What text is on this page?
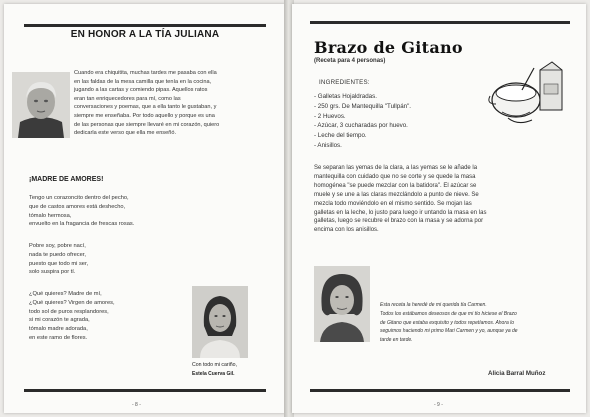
EN HONOR A LA TÍA JULIANA
Cuando era chiquitita, muchas tardes me pasaba con ella
en las faldas de la mesa camilla que tenía en la cocina,
jugando a las cartas y comiendo pipas. Aquellos ratos
eran tan enriquecedores para mí, como las
conversaciones y poemas, que a ella tanto le gustaban, y
siempre me enseñaba. Por todo aquello y porque es una
de las personas que siempre llevaré en mi corazón, quiero
dedicarla este verso que ella me enseñó.
¡MADRE DE AMORES!
Tengo un corazoncito dentro del pecho,
que de castos amores está deshecho,
tómalo hermosa,
envuelto en la fragancia de frescas rosas.
Pobre soy, pobre nací,
nada te puedo ofrecer,
puesto que todo mi ser,
solo suspira por tí.
¿Qué quieres? Madre de mí,
¿Qué quieres? Virgen de amores,
todo sol de puros resplandores,
si mi corazón te agrada,
tómalo madre adorada,
en este ramo de flores.
Con todo mi cariño,
Estela Cuerva Gil.
- 8 -
Brazo de Gitano
(Receta para 4 personas)
INGREDIENTES:
- Galletas Hojaldradas.
- 250 grs. De Mantequilla "Tullpán".
- 2 Huevos.
- Azúcar, 3 cucharadas por huevo.
- Leche del tiempo.
- Anisillos.
Se separan las yemas de la clara, a las yemas se le añade la
mantequilla con cuidado que no se corte y se quede la masa
homogénea "se puede mezclar con la batidora". El azúcar se
muele y se une a las claras mezclándolo a punto de nieve. Se
mezcla todo moviéndolo en el mismo sentido. Se mojan las
galletas en la leche, lo justo para luego ir untando la masa en las
galletas, luego se recubre el brazo con la masa y se adorna por
encima con los anisillos.
Esta receta la heredé de mi querida tía Carmen.
Todos los estábamos deseosos de que mi tío hiciese el Brazo
de Gitano que estaba exquisito y todos repetíamos. Ahora lo
seguimos haciendo mi primo Mari Carmen y yo, aunque ya de
tarde en tarde.
Alicia Barral Muñoz
- 9 -
